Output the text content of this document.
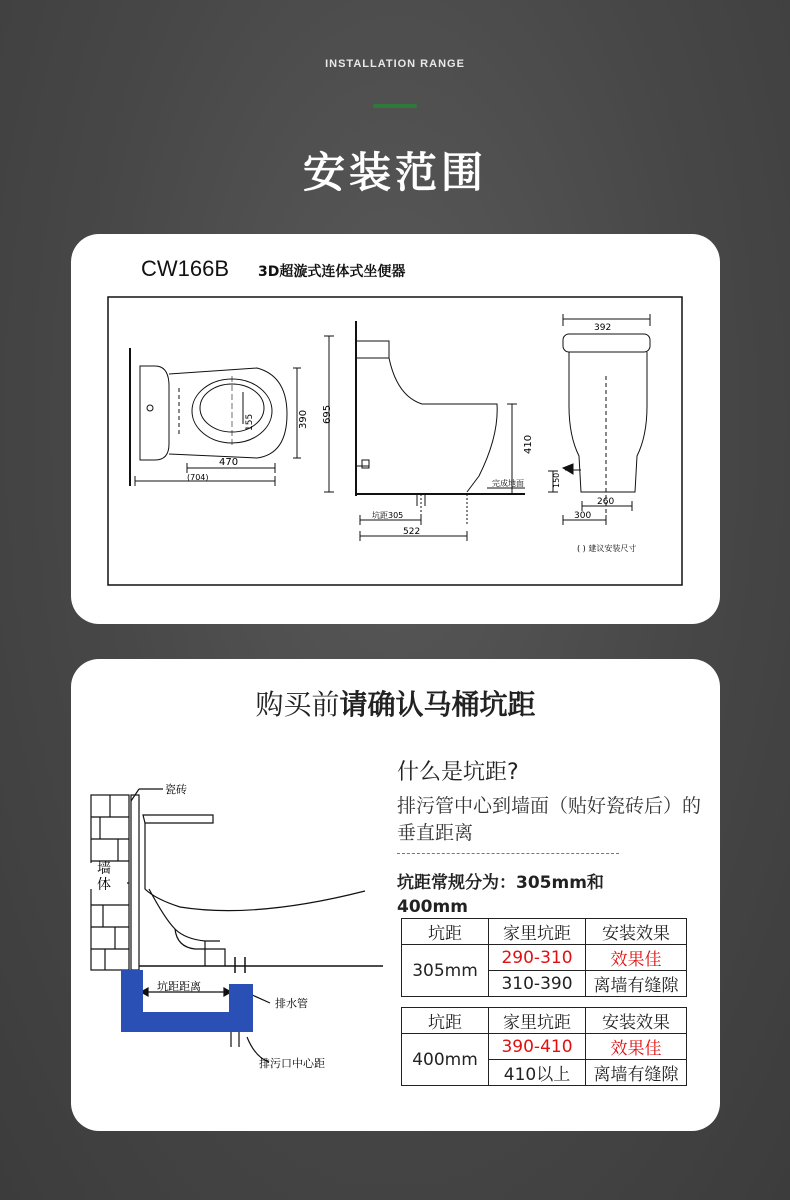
INSTALLATION RANGE
安装范围
CW166B 3D超漩式连体式坐便器
155	390
470
(704)
695
410
完成地面
坑距305
522
392
150
260
300
( ) 建议安装尺寸
购买前请确认马桶坑距
瓷砖
墙
体
坑距距离
排水管
排污口中心距
什么是坑距?
排污管中心到墙面（贴好瓷砖后）的垂直距离
坑距常规分为：305mm和400mm
坑距	家里坑距	安装效果
305mm	290-310	效果佳
	310-390	离墙有缝隙
坑距	家里坑距	安装效果
400mm	390-410	效果佳
	410以上	离墙有缝隙
